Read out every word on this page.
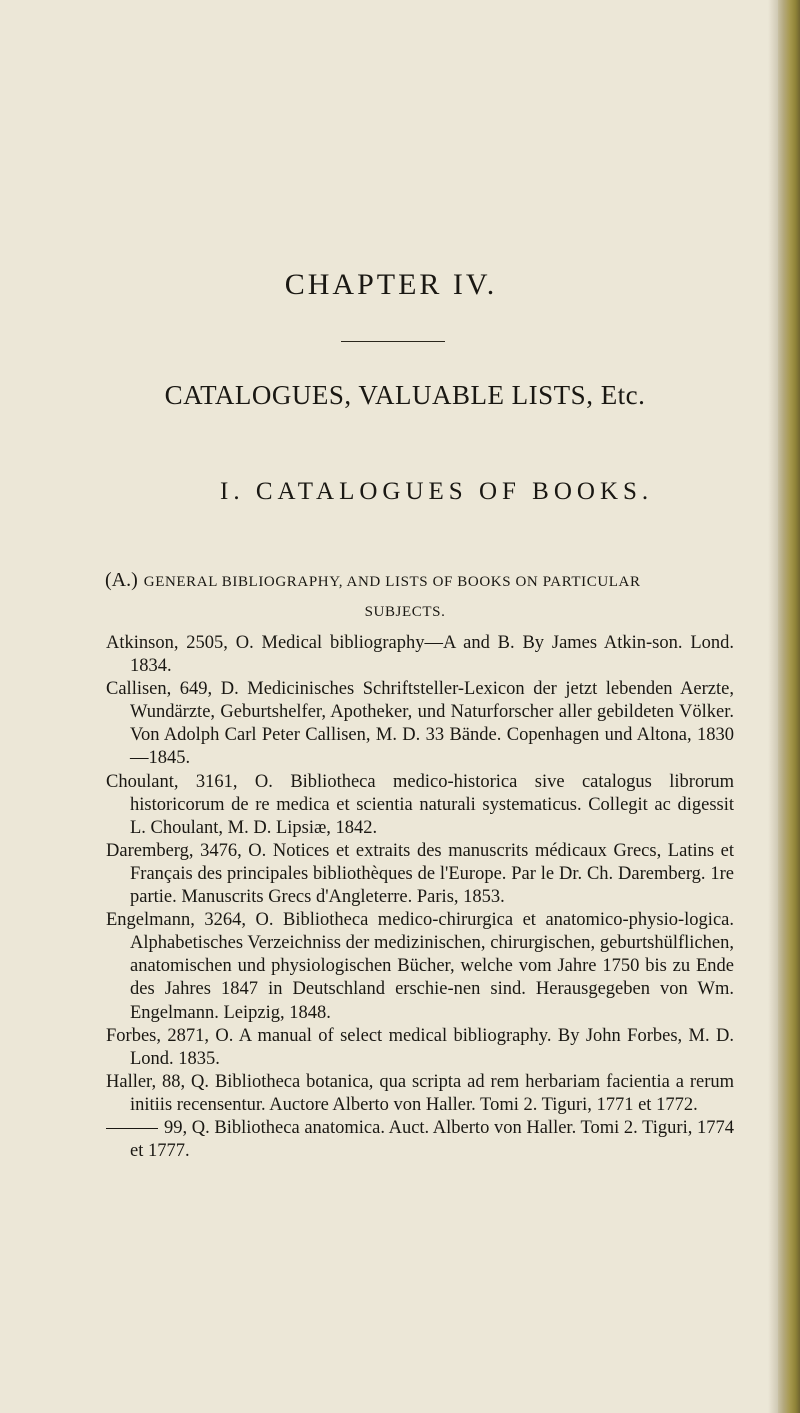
CHAPTER IV.
CATALOGUES, VALUABLE LISTS, Etc.
I. CATALOGUES OF BOOKS.
(A.) GENERAL BIBLIOGRAPHY, AND LISTS OF BOOKS ON PARTICULAR
SUBJECTS.

Atkinson, 2505, O. Medical bibliography—A and B. By James Atkin-son. Lond. 1834.

Callisen, 649, D. Medicinisches Schriftsteller-Lexicon der jetzt lebenden Aerzte, Wundärzte, Geburtshelfer, Apotheker, und Naturforscher aller gebildeten Völker. Von Adolph Carl Peter Callisen, M. D. 33 Bände. Copenhagen und Altona, 1830—1845.

Choulant, 3161, O. Bibliotheca medico-historica sive catalogus librorum historicorum de re medica et scientia naturali systematicus. Collegit ac digessit L. Choulant, M. D. Lipsiæ, 1842.

Daremberg, 3476, O. Notices et extraits des manuscrits médicaux Grecs, Latins et Français des principales bibliothèques de l'Europe. Par le Dr. Ch. Daremberg. 1re partie. Manuscrits Grecs d'Angleterre. Paris, 1853.

Engelmann, 3264, O. Bibliotheca medico-chirurgica et anatomico-physio-logica. Alphabetisches Verzeichniss der medizinischen, chirurgischen, geburtshülflichen, anatomischen und physiologischen Bücher, welche vom Jahre 1750 bis zu Ende des Jahres 1847 in Deutschland erschie-nen sind. Herausgegeben von Wm. Engelmann. Leipzig, 1848.

Forbes, 2871, O. A manual of select medical bibliography. By John Forbes, M. D. Lond. 1835.

Haller, 88, Q. Bibliotheca botanica, qua scripta ad rem herbariam facientia a rerum initiis recensentur. Auctore Alberto von Haller. Tomi 2. Tiguri, 1771 et 1772.

99, Q. Bibliotheca anatomica. Auct. Alberto von Haller. Tomi 2. Tiguri, 1774 et 1777.
